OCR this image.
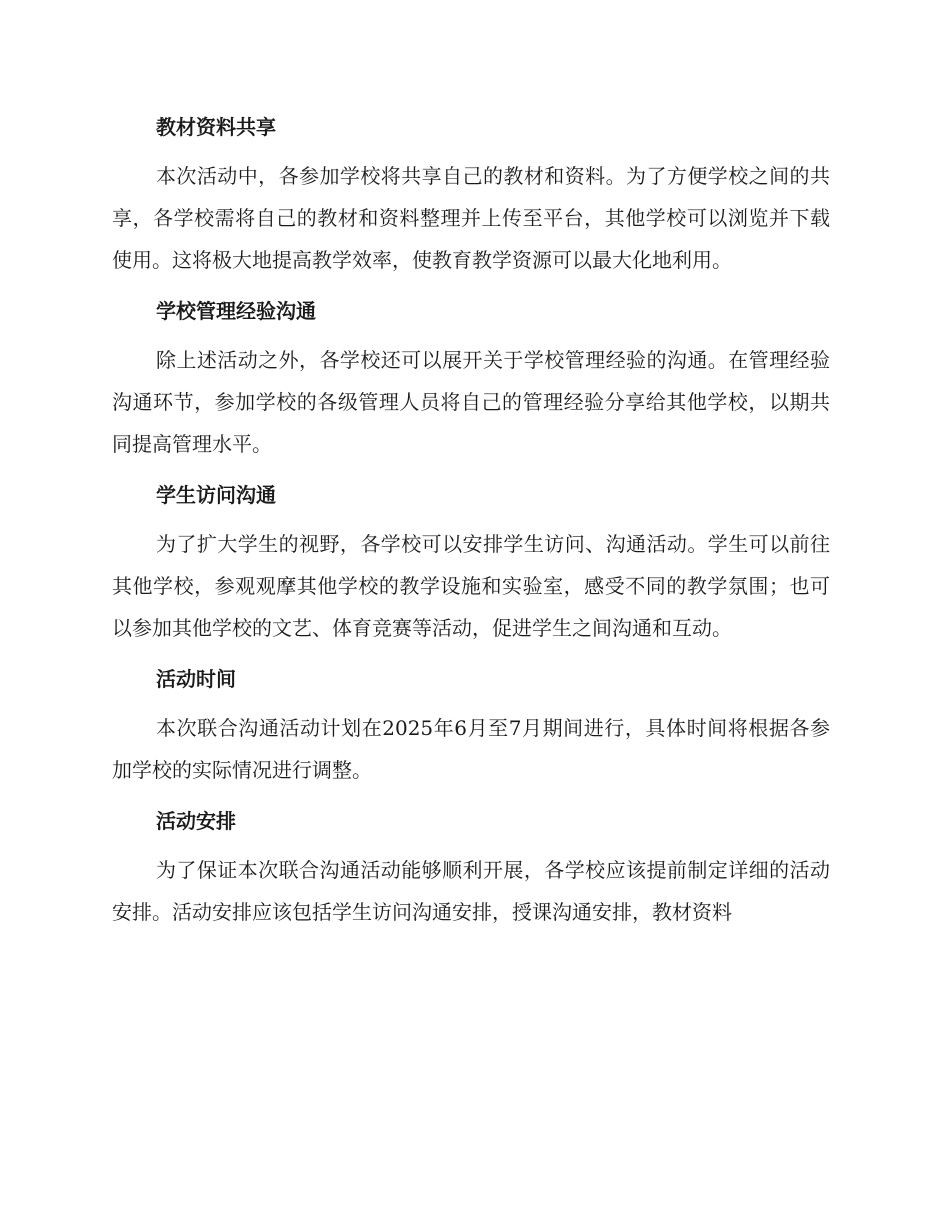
教材资料共享

本次活动中，各参加学校将共享自己的教材和资料。为了方便学校之间的共享，各学校需将自己的教材和资料整理并上传至平台，其他学校可以浏览并下载使用。这将极大地提高教学效率，使教育教学资源可以最大化地利用。

学校管理经验沟通

除上述活动之外，各学校还可以展开关于学校管理经验的沟通。在管理经验沟通环节，参加学校的各级管理人员将自己的管理经验分享给其他学校，以期共同提高管理水平。

学生访问沟通

为了扩大学生的视野，各学校可以安排学生访问、沟通活动。学生可以前往其他学校，参观观摩其他学校的教学设施和实验室，感受不同的教学氛围；也可以参加其他学校的文艺、体育竞赛等活动，促进学生之间沟通和互动。

活动时间

本次联合沟通活动计划在2025年6月至7月期间进行，具体时间将根据各参加学校的实际情况进行调整。

活动安排

为了保证本次联合沟通活动能够顺利开展，各学校应该提前制定详细的活动安排。活动安排应该包括学生访问沟通安排，授课沟通安排，教材资料
